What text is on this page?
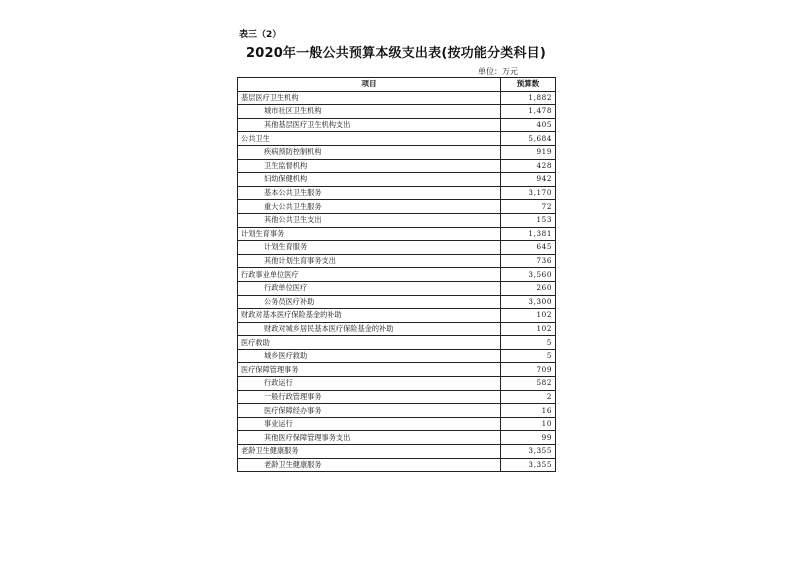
表三（2）
2020年一般公共预算本级支出表(按功能分类科目)
单位：万元
项目	预算数
基层医疗卫生机构	1,882
城市社区卫生机构	1,478
其他基层医疗卫生机构支出	405
公共卫生	5,684
疾病预防控制机构	919
卫生监督机构	428
妇幼保健机构	942
基本公共卫生服务	3,170
重大公共卫生服务	72
其他公共卫生支出	153
计划生育事务	1,381
计划生育服务	645
其他计划生育事务支出	736
行政事业单位医疗	3,560
行政单位医疗	260
公务员医疗补助	3,300
财政对基本医疗保险基金的补助	102
财政对城乡居民基本医疗保险基金的补助	102
医疗救助	5
城乡医疗救助	5
医疗保障管理事务	709
行政运行	582
一般行政管理事务	2
医疗保障经办事务	16
事业运行	10
其他医疗保障管理事务支出	99
老龄卫生健康服务	3,355
老龄卫生健康服务	3,355
